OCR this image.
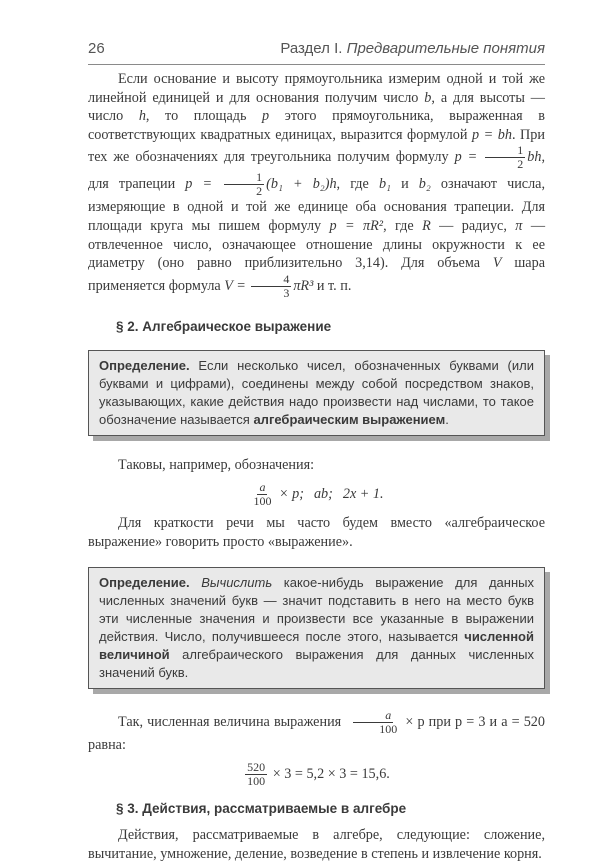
26	Раздел I. Предварительные понятия

Если основание и высоту прямоугольника измерим одной и той же линейной единицей и для основания получим число b, а для высоты — число h, то площадь p этого прямоугольника, выраженная в соответствующих квадратных единицах, выразится формулой p = bh. При тех же обозначениях для треугольника получим формулу $p = \frac{1}{2}$ bh, для трапеции $p = \frac{1}{2} (b_1 + b_2)h$, где b₁ и b₂ означают числа, измеряющие в одной и той же единице оба основания трапеции. Для площади круга мы пишем формулу p = πR², где R — радиус, π — отвлеченное число, означающее отношение длины окружности к ее диаметру (оно равно приблизительно 3,14). Для объема V шара применяется формула $V = \frac{4}{3} \pi R^3$ и т. п.

§ 2. Алгебраическое выражение

Определение. Если несколько чисел, обозначенных буквами (или буквами и цифрами), соединены между собой посредством знаков, указывающих, какие действия надо произвести над числами, то такое обозначение называется алгебраическим выражением.

Таковы, например, обозначения:

$\frac{a}{100} \times p$; ab; 2x + 1.

Для краткости речи мы часто будем вместо «алгебраическое выражение» говорить просто «выражение».

Определение. Вычислить какое-нибудь выражение для данных численных значений букв — значит подставить в него на место букв эти численные значения и произвести все указанные в выражении действия. Число, получившееся после этого, называется численной величиной алгебраического выражения для данных численных значений букв.

Так, численная величина выражения $\frac{a}{100} \times p$ при p = 3 и a = 520 равна:

$\frac{520}{100} \times 3 = 5,2 \times 3 = 15,6$.
§ 3. Действия, рассматриваемые в алгебре

Действия, рассматриваемые в алгебре, следующие: сложение, вычитание, умножение, деление, возведение в степень и извлечение корня.
